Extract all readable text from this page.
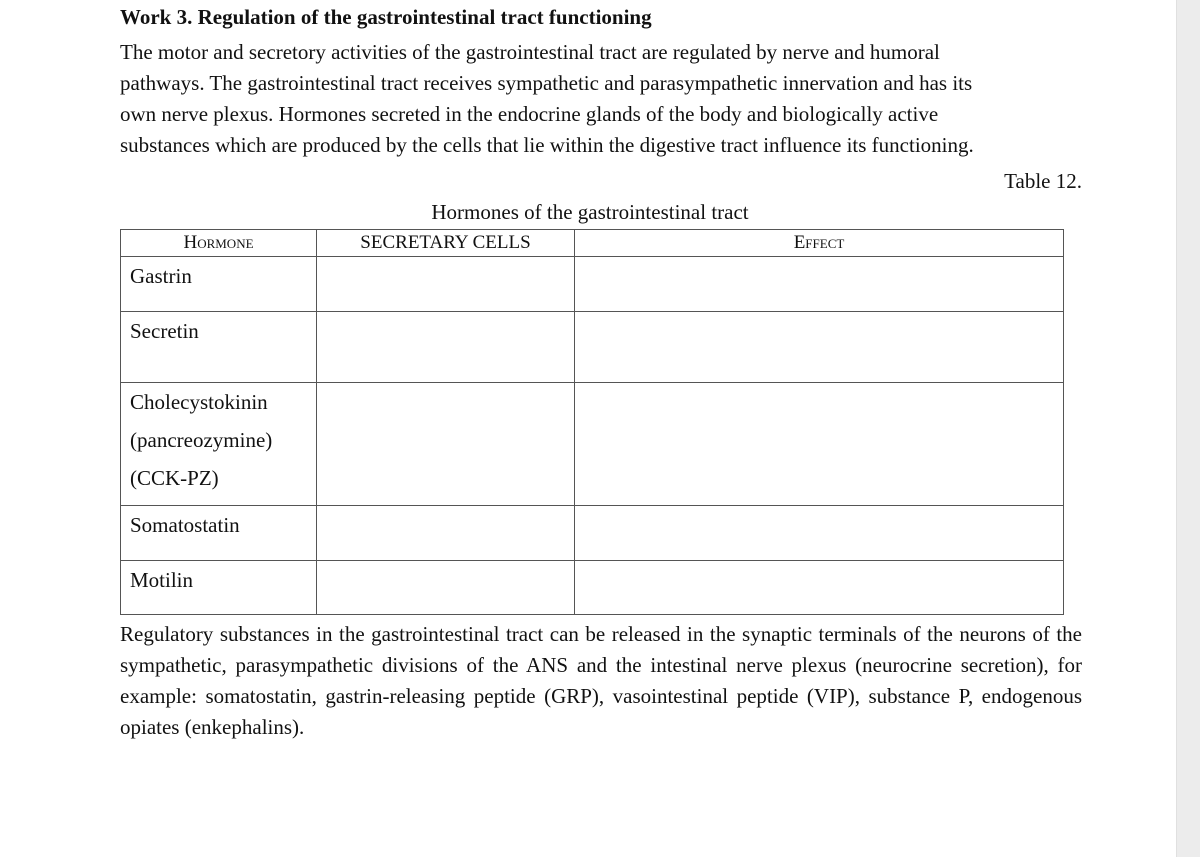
Work 3. Regulation of the gastrointestinal tract functioning

The motor and secretory activities of the gastrointestinal tract are regulated by nerve and humoral
pathways. The gastrointestinal tract receives sympathetic and parasympathetic innervation and has its
own nerve plexus. Hormones secreted in the endocrine glands of the body and biologically active
substances which are produced by the cells that lie within the digestive tract influence its functioning.

Table 12.
Hormones of the gastrointestinal tract
Hormone	SECRETARY CELLS	Effect

Gastrin		

Secretin		

Cholecystokinin
(pancreozymine)
(CCK-PZ)		

Somatostatin		

Motilin		

Regulatory substances in the gastrointestinal tract can be released in the synaptic terminals of the neurons of the sympathetic, parasympathetic divisions of the ANS and the intestinal nerve plexus (neurocrine secretion), for example: somatostatin, gastrin-releasing peptide (GRP), vasointestinal peptide (VIP), substance P, endogenous opiates (enkephalins).
